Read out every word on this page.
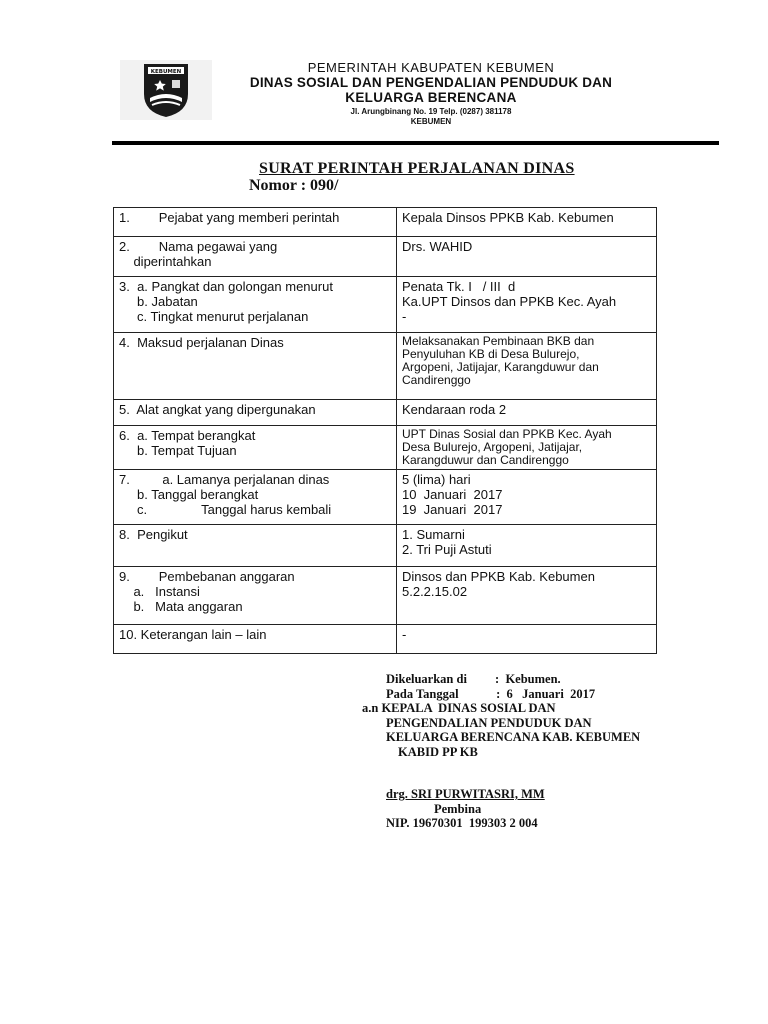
KEBUMEN	PEMERINTAH KABUPATEN KEBUMEN
DINAS SOSIAL DAN PENGENDALIAN PENDUDUK DAN
KELUARGA BERENCANA
Jl. Arungbinang No. 19 Telp. (0287) 381178
KEBUMEN
SURAT PERINTAH PERJALANAN DINAS
Nomor : 090/
1.        Pejabat yang memberi perintah	Kepala Dinsos PPKB Kab. Kebumen

2.        Nama pegawai yang
diperintahkan	Drs. WAHID

3.  a. Pangkat dan golongan menurut
b. Jabatan
c. Tingkat menurut perjalanan	Penata Tk. I   / III  d
Ka.UPT Dinsos dan PPKB Kec. Ayah
-

4.  Maksud perjalanan Dinas	Melaksanakan Pembinaan BKB dan
Penyuluhan KB di Desa Bulurejo,
Argopeni, Jatijajar, Karangduwur dan
Candirenggo

5.  Alat angkat yang dipergunakan	Kendaraan roda 2

6.  a. Tempat berangkat
b. Tempat Tujuan	UPT Dinas Sosial dan PPKB Kec. Ayah
Desa Bulurejo, Argopeni, Jatijajar,
Karangduwur dan Candirenggo

7.         a. Lamanya perjalanan dinas
b. Tanggal berangkat
c.               Tanggal harus kembali	5 (lima) hari
10  Januari  2017
19  Januari  2017

8.  Pengikut	1. Sumarni
2. Tri Puji Astuti

9.        Pembebanan anggaran
a.   Instansi
b.   Mata anggaran	Dinsos dan PPKB Kab. Kebumen
5.2.2.15.02

10. Keterangan lain – lain	-
Dikeluarkan di         :  Kebumen.
Pada Tanggal            :  6   Januari  2017
a.n KEPALA  DINAS SOSIAL DAN
PENGENDALIAN PENDUDUK DAN
KELUARGA BERENCANA KAB. KEBUMEN
KABID PP KB
drg. SRI PURWITASRI, MM
Pembina
NIP. 19670301  199303 2 004
